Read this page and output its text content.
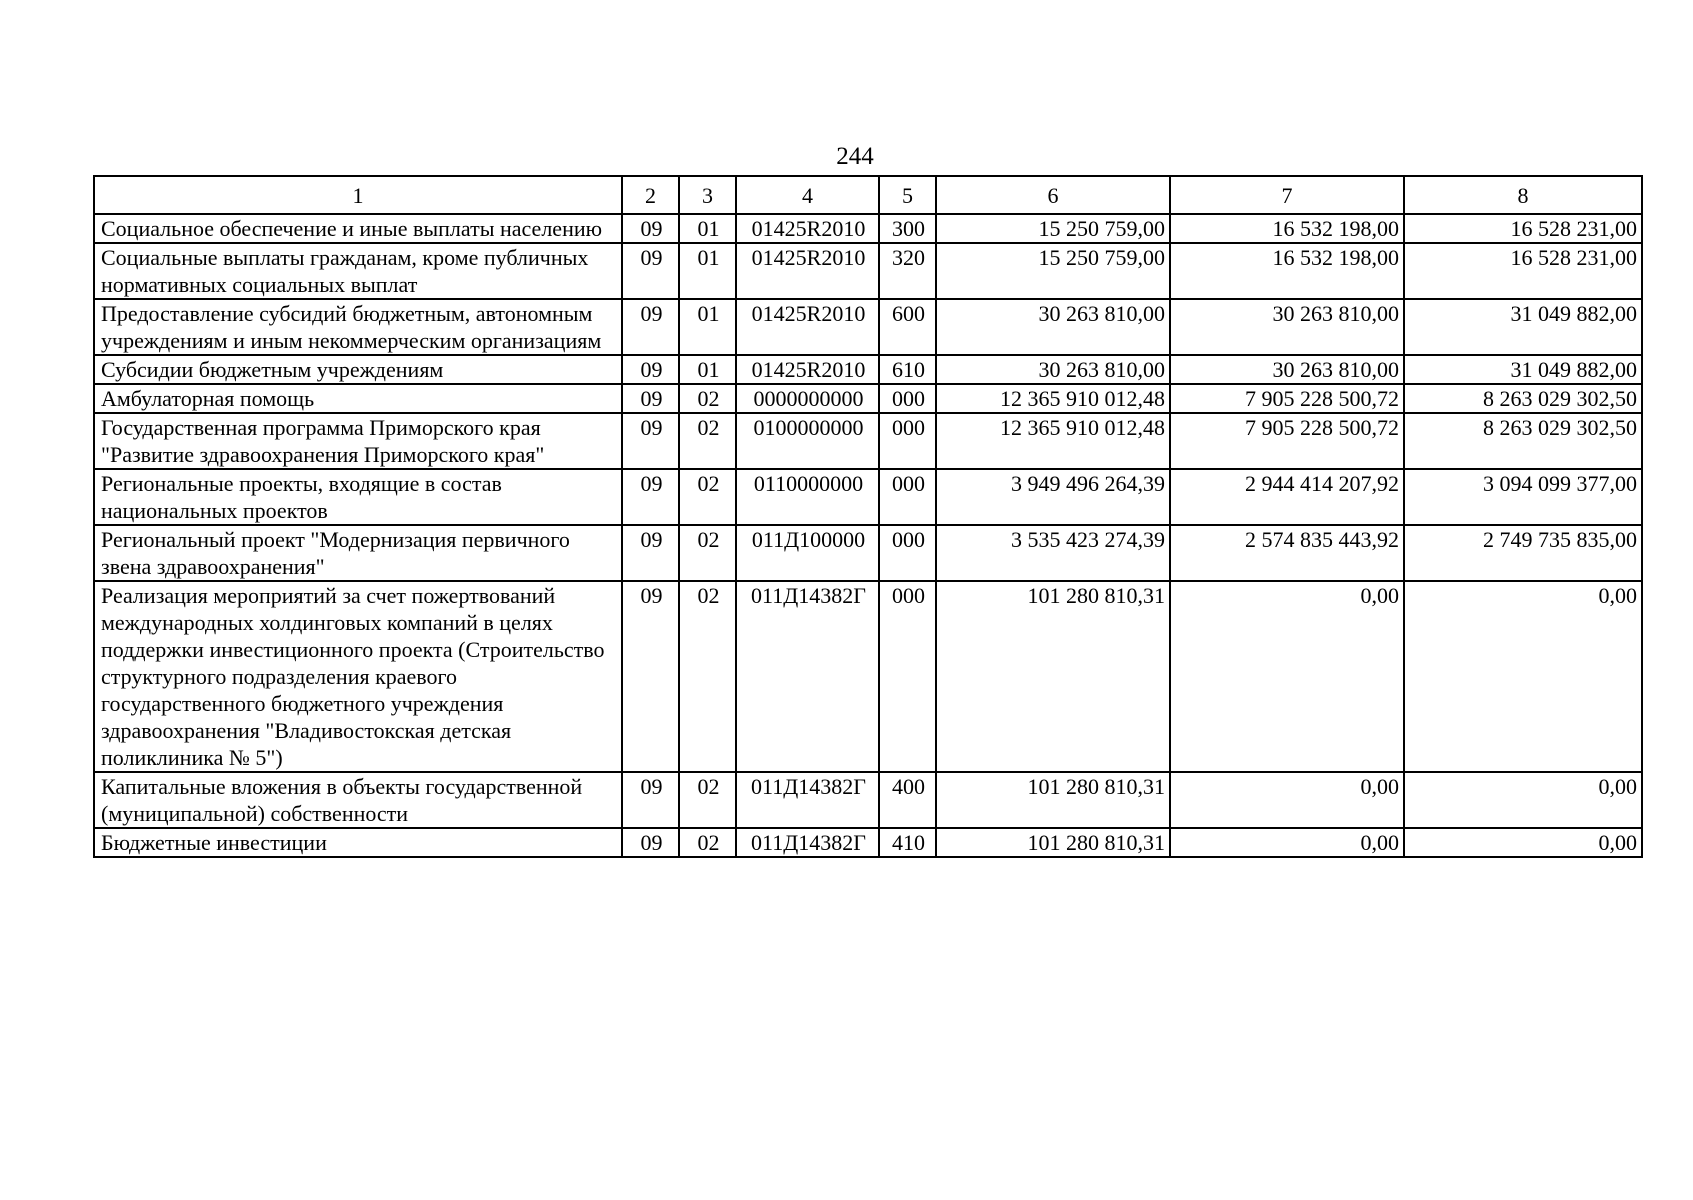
244
1	2	3	4	5	6	7	8
Социальное обеспечение и иные выплаты населению	09	01	01425R2010	300	15 250 759,00	16 532 198,00	16 528 231,00
Социальные выплаты гражданам, кроме публичных нормативных социальных выплат	09	01	01425R2010	320	15 250 759,00	16 532 198,00	16 528 231,00
Предоставление субсидий бюджетным, автономным учреждениям и иным некоммерческим организациям	09	01	01425R2010	600	30 263 810,00	30 263 810,00	31 049 882,00
Субсидии бюджетным учреждениям	09	01	01425R2010	610	30 263 810,00	30 263 810,00	31 049 882,00
Амбулаторная помощь	09	02	0000000000	000	12 365 910 012,48	7 905 228 500,72	8 263 029 302,50
Государственная программа Приморского края "Развитие здравоохранения Приморского края"	09	02	0100000000	000	12 365 910 012,48	7 905 228 500,72	8 263 029 302,50
Региональные проекты, входящие в состав национальных проектов	09	02	0110000000	000	3 949 496 264,39	2 944 414 207,92	3 094 099 377,00
Региональный проект "Модернизация первичного звена здравоохранения"	09	02	011Д100000	000	3 535 423 274,39	2 574 835 443,92	2 749 735 835,00
Реализация мероприятий за счет пожертвований международных холдинговых компаний в целях поддержки инвестиционного проекта (Строительство структурного подразделения краевого государственного бюджетного учреждения здравоохранения "Владивостокская детская поликлиника № 5")	09	02	011Д14382Г	000	101 280 810,31	0,00	0,00
Капитальные вложения в объекты государственной (муниципальной) собственности	09	02	011Д14382Г	400	101 280 810,31	0,00	0,00
Бюджетные инвестиции	09	02	011Д14382Г	410	101 280 810,31	0,00	0,00
